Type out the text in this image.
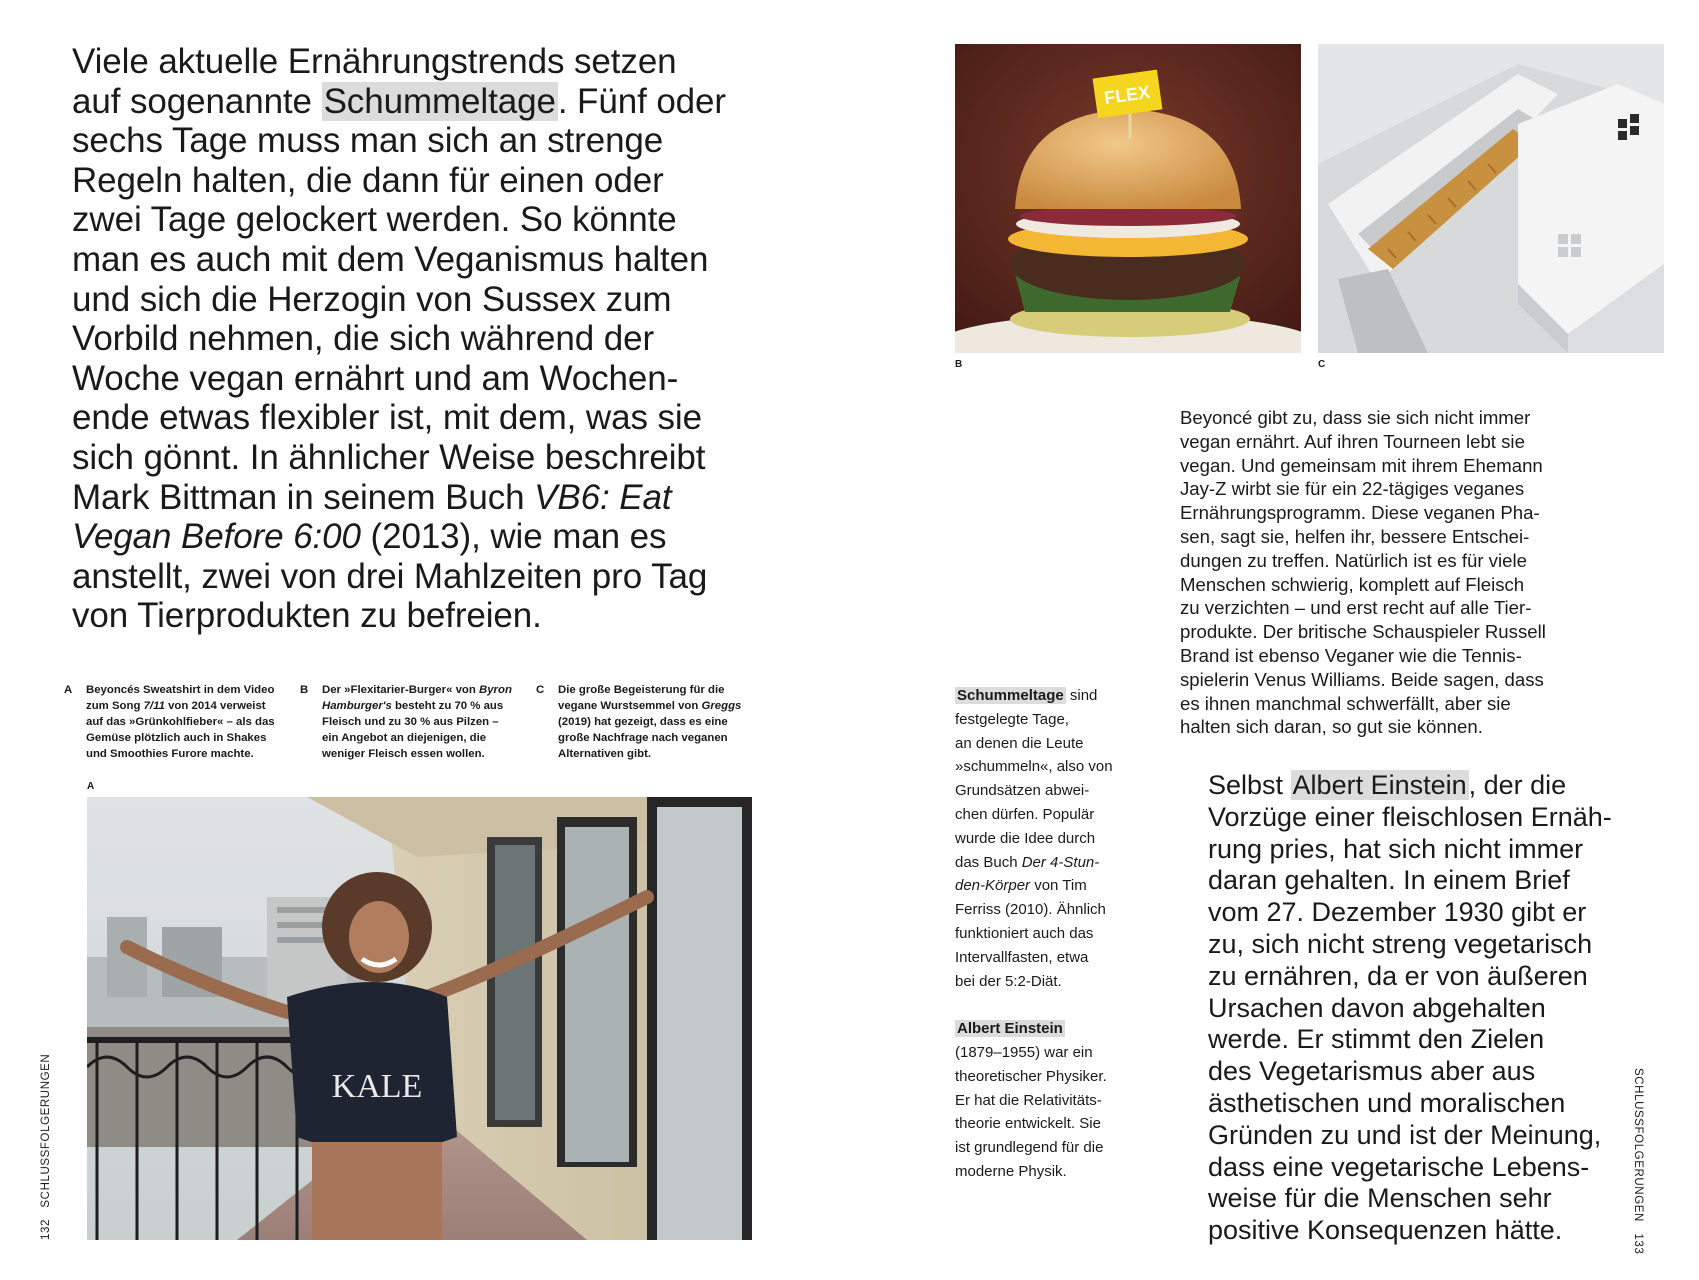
Viele aktuelle Ernährungstrends setzen
auf sogenannte Schummeltage. Fünf oder
sechs Tage muss man sich an strenge
Regeln halten, die dann für einen oder
zwei Tage gelockert werden. So könnte
man es auch mit dem Veganismus halten
und sich die Herzogin von Sussex zum
Vorbild nehmen, die sich während der
Woche vegan ernährt und am Wochen-
ende etwas flexibler ist, mit dem, was sie
sich gönnt. In ähnlicher Weise beschreibt
Mark Bittman in seinem Buch VB6: Eat
Vegan Before 6:00 (2013), wie man es
anstellt, zwei von drei Mahlzeiten pro Tag
von Tierprodukten zu befreien.

A Beyoncés Sweatshirt in dem Video
zum Song 7/11 von 2014 verweist
auf das »Grünkohlfieber« – als das
Gemüse plötzlich auch in Shakes
und Smoothies Furore machte.
B Der »Flexitarier-Burger« von Byron
Hamburger's besteht zu 70 % aus
Fleisch und zu 30 % aus Pilzen –
ein Angebot an diejenigen, die
weniger Fleisch essen wollen.
C Die große Begeisterung für die
vegane Wurstsemmel von Greggs
(2019) hat gezeigt, dass es eine
große Nachfrage nach veganen
Alternativen gibt.
A
KALE
132   SCHLUSSFOLGERUNGEN
FLEX
B	C
Beyoncé gibt zu, dass sie sich nicht immer
vegan ernährt. Auf ihren Tourneen lebt sie
vegan. Und gemeinsam mit ihrem Ehemann
Jay-Z wirbt sie für ein 22-tägiges veganes
Ernährungsprogramm. Diese veganen Pha-
sen, sagt sie, helfen ihr, bessere Entschei-
dungen zu treffen. Natürlich ist es für viele
Menschen schwierig, komplett auf Fleisch
zu verzichten – und erst recht auf alle Tier-
produkte. Der britische Schauspieler Russell
Brand ist ebenso Veganer wie die Tennis-
spielerin Venus Williams. Beide sagen, dass
es ihnen manchmal schwerfällt, aber sie
halten sich daran, so gut sie können.
Schummeltage sind
festgelegte Tage,
an denen die Leute
»schummeln«, also von
Grundsätzen abwei-
chen dürfen. Populär
wurde die Idee durch
das Buch Der 4-Stun-
den-Körper von Tim
Ferriss (2010). Ähnlich
funktioniert auch das
Intervallfasten, etwa
bei der 5:2-Diät.
Albert Einstein
(1879–1955) war ein
theoretischer Physiker.
Er hat die Relativitäts-
theorie entwickelt. Sie
ist grundlegend für die
moderne Physik.
Selbst Albert Einstein, der die
Vorzüge einer fleischlosen Ernäh-
rung pries, hat sich nicht immer
daran gehalten. In einem Brief
vom 27. Dezember 1930 gibt er
zu, sich nicht streng vegetarisch
zu ernähren, da er von äußeren
Ursachen davon abgehalten
werde. Er stimmt den Zielen
des Vegetarismus aber aus
ästhetischen und moralischen
Gründen zu und ist der Meinung,
dass eine vegetarische Lebens-
weise für die Menschen sehr
positive Konsequenzen hätte.
SCHLUSSFOLGERUNGEN   133
